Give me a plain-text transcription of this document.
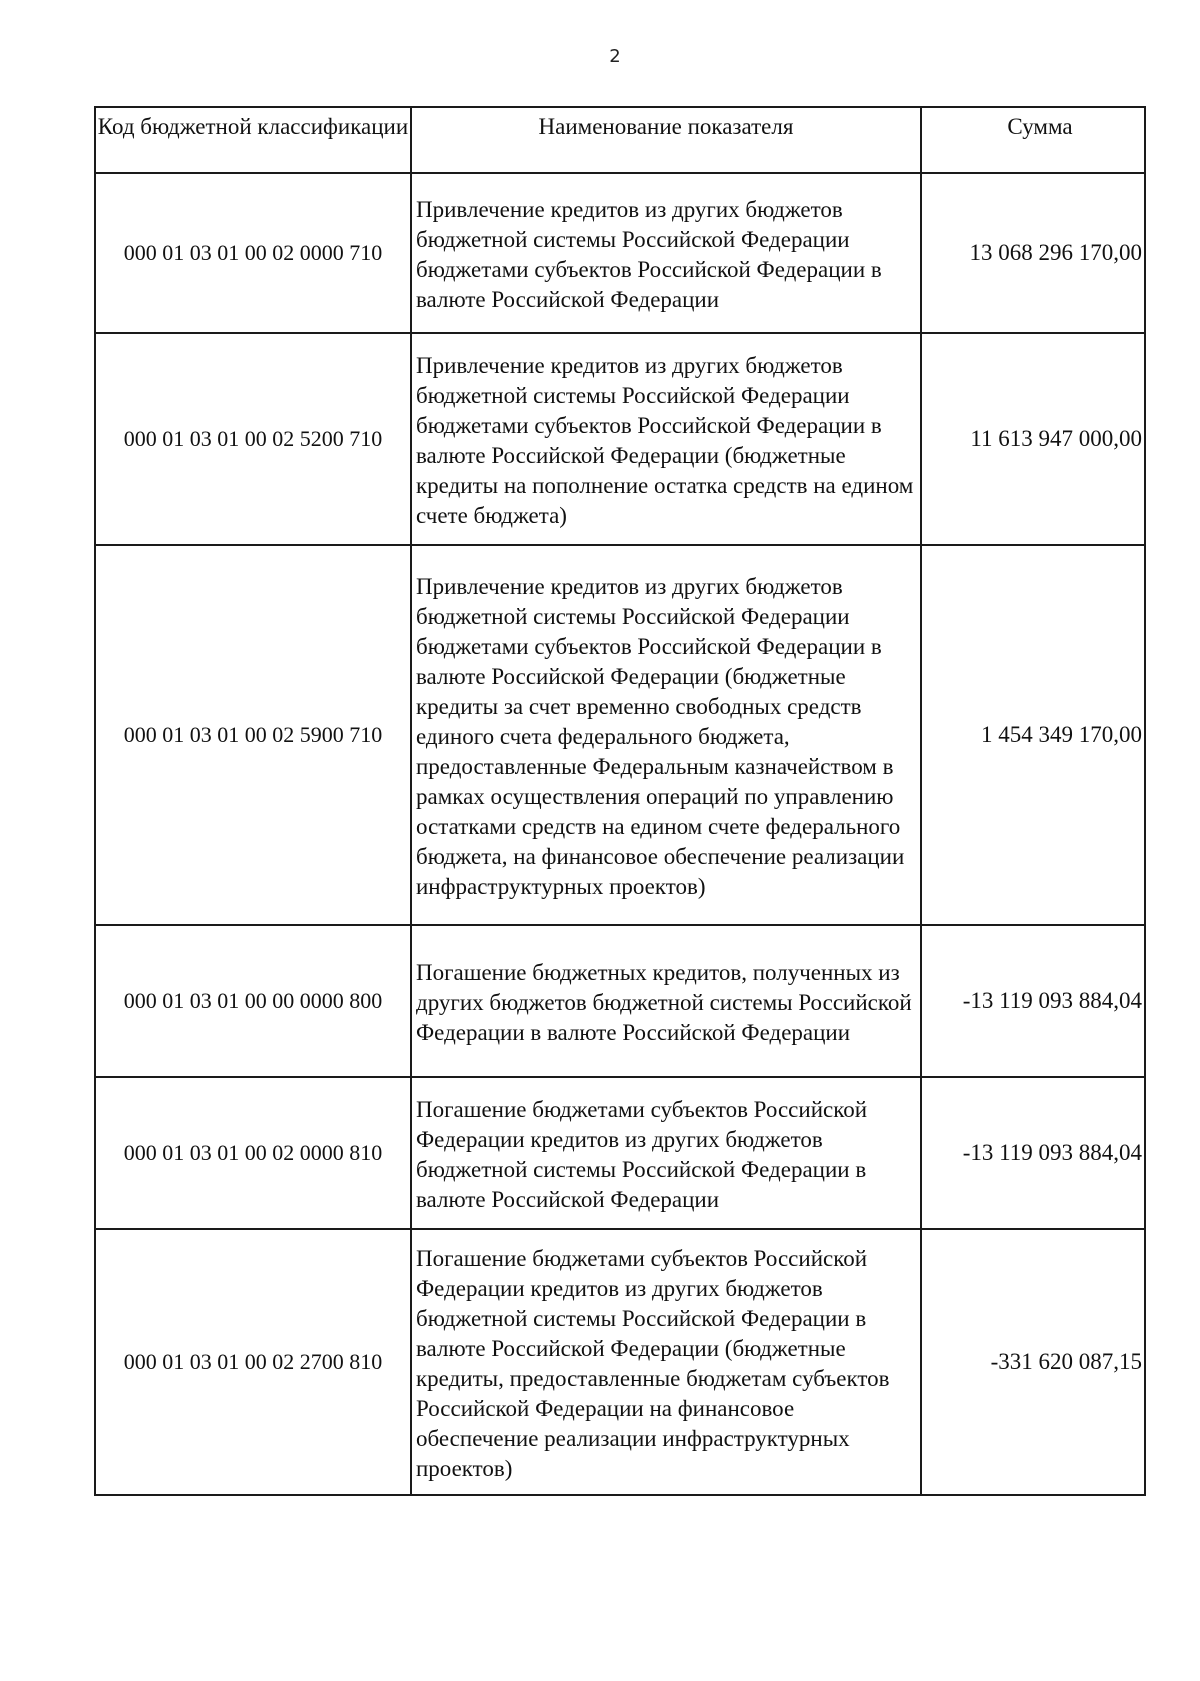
2
Код бюджетной классификации	Наименование показателя	Сумма
000 01 03 01 00 02 0000 710	Привлечение кредитов из других бюджетов бюджетной системы Российской Федерации бюджетами субъектов Российской Федерации в валюте Российской Федерации	13 068 296 170,00
000 01 03 01 00 02 5200 710	Привлечение кредитов из других бюджетов бюджетной системы Российской Федерации бюджетами субъектов Российской Федерации в валюте Российской Федерации (бюджетные кредиты на пополнение остатка средств на едином счете бюджета)	11 613 947 000,00
000 01 03 01 00 02 5900 710	Привлечение кредитов из других бюджетов бюджетной системы Российской Федерации бюджетами субъектов Российской Федерации в валюте Российской Федерации (бюджетные кредиты за счет временно свободных средств единого счета федерального бюджета, предоставленные Федеральным казначейством в рамках осуществления операций по управлению остатками средств на едином счете федерального бюджета, на финансовое обеспечение реализации инфраструктурных проектов)	1 454 349 170,00
000 01 03 01 00 00 0000 800	Погашение бюджетных кредитов, полученных из других бюджетов бюджетной системы Российской Федерации в валюте Российской Федерации	-13 119 093 884,04
000 01 03 01 00 02 0000 810	Погашение бюджетами субъектов Российской Федерации кредитов из других бюджетов бюджетной системы Российской Федерации в валюте Российской Федерации	-13 119 093 884,04
000 01 03 01 00 02 2700 810	Погашение бюджетами субъектов Российской Федерации кредитов из других бюджетов бюджетной системы Российской Федерации в валюте Российской Федерации (бюджетные кредиты, предоставленные бюджетам субъектов Российской Федерации на финансовое обеспечение реализации инфраструктурных проектов)	-331 620 087,15
